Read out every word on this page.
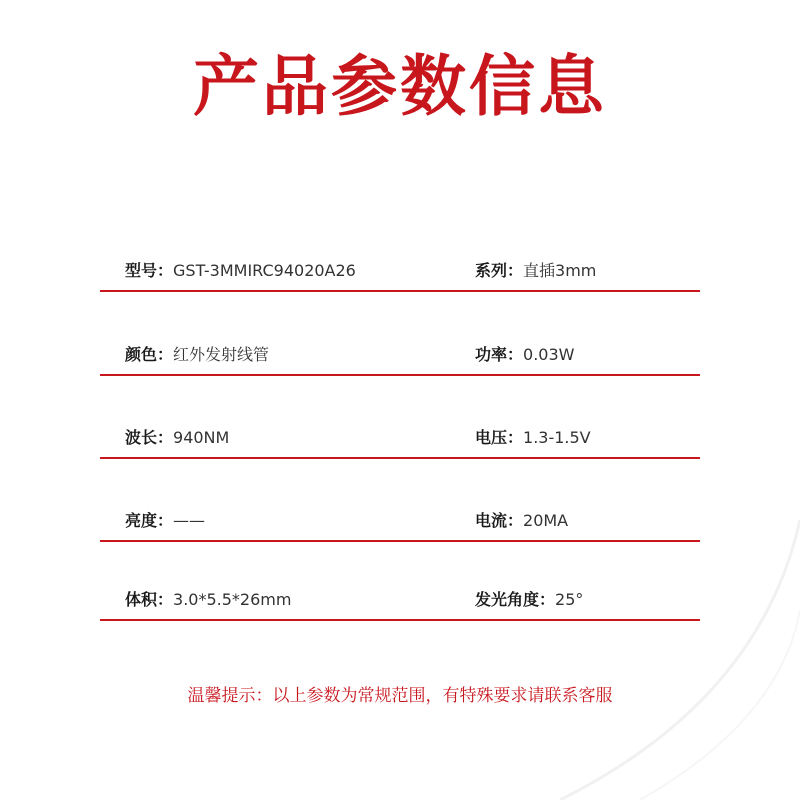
产品参数信息
型号：GST-3MMIRC94020A26	系列：直插3mm
颜色：红外发射线管	功率：0.03W
波长：940NM	电压：1.3-1.5V
亮度：——	电流：20MA
体积：3.0*5.5*26mm	发光角度：25°
温馨提示：以上参数为常规范围，有特殊要求请联系客服
